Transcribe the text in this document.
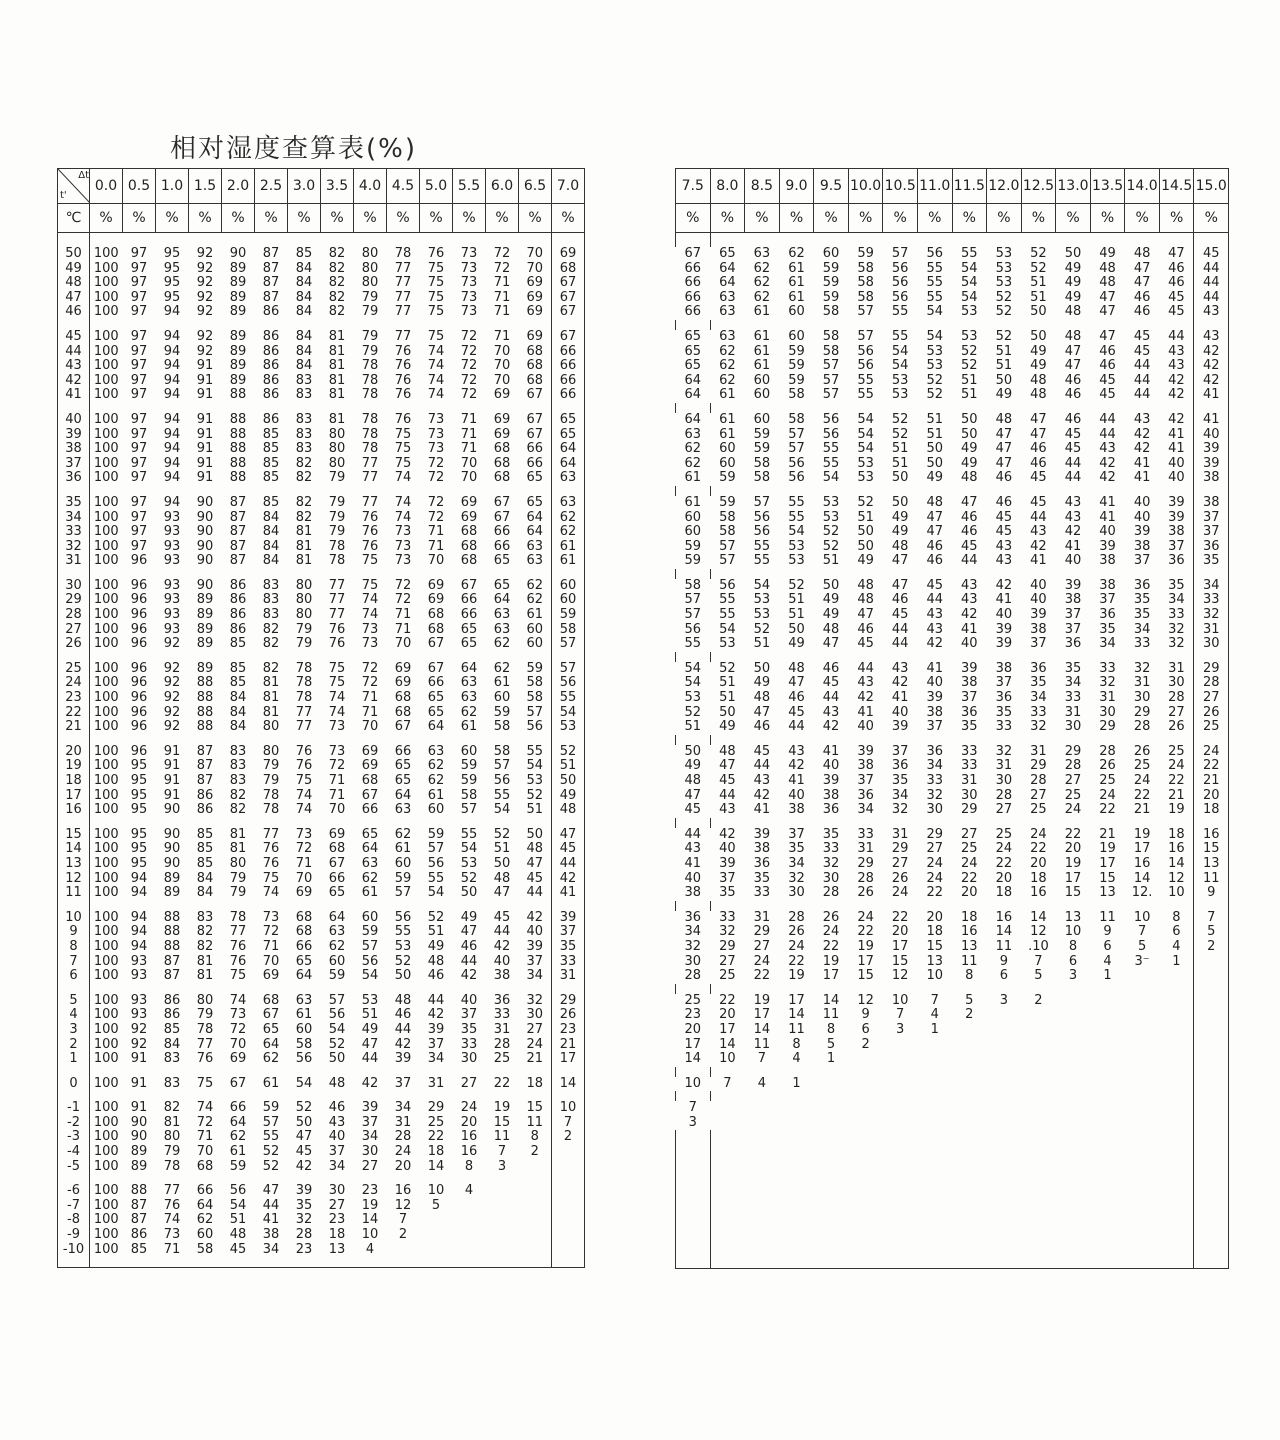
相对湿度查算表(%)
Δt
t'	0.0	0.5	1.0	1.5	2.0	2.5	3.0	3.5	4.0	4.5	5.0	5.5	6.0	6.5	7.0
℃	%	%	%	%	%	%	%	%	%	%	%	%	%	%	%

50	100	97	95	92	90	87	85	82	80	78	76	73	72	70	69
49	100	97	95	92	89	87	84	82	80	77	75	73	72	70	68
48	100	97	95	92	89	87	84	82	80	77	75	73	71	69	67
47	100	97	95	92	89	87	84	82	79	77	75	73	71	69	67
46	100	97	94	92	89	86	84	82	79	77	75	73	71	69	67

45	100	97	94	92	89	86	84	81	79	77	75	72	71	69	67
44	100	97	94	92	89	86	84	81	79	76	74	72	70	68	66
43	100	97	94	91	89	86	84	81	78	76	74	72	70	68	66
42	100	97	94	91	89	86	83	81	78	76	74	72	70	68	66
41	100	97	94	91	88	86	83	81	78	76	74	72	69	67	66

40	100	97	94	91	88	86	83	81	78	76	73	71	69	67	65
39	100	97	94	91	88	85	83	80	78	75	73	71	69	67	65
38	100	97	94	91	88	85	83	80	78	75	73	71	68	66	64
37	100	97	94	91	88	85	82	80	77	75	72	70	68	66	64
36	100	97	94	91	88	85	82	79	77	74	72	70	68	65	63

35	100	97	94	90	87	85	82	79	77	74	72	69	67	65	63
34	100	97	93	90	87	84	82	79	76	74	72	69	67	64	62
33	100	97	93	90	87	84	81	79	76	73	71	68	66	64	62
32	100	97	93	90	87	84	81	78	76	73	71	68	66	63	61
31	100	96	93	90	87	84	81	78	75	73	70	68	65	63	61

30	100	96	93	90	86	83	80	77	75	72	69	67	65	62	60
29	100	96	93	89	86	83	80	77	74	72	69	66	64	62	60
28	100	96	93	89	86	83	80	77	74	71	68	66	63	61	59
27	100	96	93	89	86	82	79	76	73	71	68	65	63	60	58
26	100	96	92	89	85	82	79	76	73	70	67	65	62	60	57

25	100	96	92	89	85	82	78	75	72	69	67	64	62	59	57
24	100	96	92	88	85	81	78	75	72	69	66	63	61	58	56
23	100	96	92	88	84	81	78	74	71	68	65	63	60	58	55
22	100	96	92	88	84	81	77	74	71	68	65	62	59	57	54
21	100	96	92	88	84	80	77	73	70	67	64	61	58	56	53

20	100	96	91	87	83	80	76	73	69	66	63	60	58	55	52
19	100	95	91	87	83	79	76	72	69	65	62	59	57	54	51
18	100	95	91	87	83	79	75	71	68	65	62	59	56	53	50
17	100	95	91	86	82	78	74	71	67	64	61	58	55	52	49
16	100	95	90	86	82	78	74	70	66	63	60	57	54	51	48

15	100	95	90	85	81	77	73	69	65	62	59	55	52	50	47
14	100	95	90	85	81	76	72	68	64	61	57	54	51	48	45
13	100	95	90	85	80	76	71	67	63	60	56	53	50	47	44
12	100	94	89	84	79	75	70	66	62	59	55	52	48	45	42
11	100	94	89	84	79	74	69	65	61	57	54	50	47	44	41

10	100	94	88	83	78	73	68	64	60	56	52	49	45	42	39
9	100	94	88	82	77	72	68	63	59	55	51	47	44	40	37
8	100	94	88	82	76	71	66	62	57	53	49	46	42	39	35
7	100	93	87	81	76	70	65	60	56	52	48	44	40	37	33
6	100	93	87	81	75	69	64	59	54	50	46	42	38	34	31

5	100	93	86	80	74	68	63	57	53	48	44	40	36	32	29
4	100	93	86	79	73	67	61	56	51	46	42	37	33	30	26
3	100	92	85	78	72	65	60	54	49	44	39	35	31	27	23
2	100	92	84	77	70	64	58	52	47	42	37	33	28	24	21
1	100	91	83	76	69	62	56	50	44	39	34	30	25	21	17

0	100	91	83	75	67	61	54	48	42	37	31	27	22	18	14

-1	100	91	82	74	66	59	52	46	39	34	29	24	19	15	10
-2	100	90	81	72	64	57	50	43	37	31	25	20	15	11	7
-3	100	90	80	71	62	55	47	40	34	28	22	16	11	8	2
-4	100	89	79	70	61	52	45	37	30	24	18	16	7	2	
-5	100	89	78	68	59	52	42	34	27	20	14	8	3		

-6	100	88	77	66	56	47	39	30	23	16	10	4			
-7	100	87	76	64	54	44	35	27	19	12	5				
-8	100	87	74	62	51	41	32	23	14	7					
-9	100	86	73	60	48	38	28	18	10	2					
-10	100	85	71	58	45	34	23	13	4						

7.5	8.0	8.5	9.0	9.5	10.0	10.5	11.0	11.5	12.0	12.5	13.0	13.5	14.0	14.5	15.0
%	%	%	%	%	%	%	%	%	%	%	%	%	%	%	%

67	65	63	62	60	59	57	56	55	53	52	50	49	48	47	45
66	64	62	61	59	58	56	55	54	53	52	49	48	47	46	44
66	64	62	61	59	58	56	55	54	53	51	49	48	47	46	44
66	63	62	61	59	58	56	55	54	52	51	49	47	46	45	44
66	63	61	60	58	57	55	54	53	52	50	48	47	46	45	43

65	63	61	60	58	57	55	54	53	52	50	48	47	45	44	43
65	62	61	59	58	56	54	53	52	51	49	47	46	45	43	42
65	62	61	59	57	56	54	53	52	51	49	47	46	44	43	42
64	62	60	59	57	55	53	52	51	50	48	46	45	44	42	42
64	61	60	58	57	55	53	52	51	49	48	46	45	44	42	41

64	61	60	58	56	54	52	51	50	48	47	46	44	43	42	41
63	61	59	57	56	54	52	51	50	47	47	45	44	42	41	40
62	60	59	57	55	54	51	50	49	47	46	45	43	42	41	39
62	60	58	56	55	53	51	50	49	47	46	44	42	41	40	39
61	59	58	56	54	53	50	49	48	46	45	44	42	41	40	38

61	59	57	55	53	52	50	48	47	46	45	43	41	40	39	38
60	58	56	55	53	51	49	47	46	45	44	43	41	40	39	37
60	58	56	54	52	50	49	47	46	45	43	42	40	39	38	37
59	57	55	53	52	50	48	46	45	43	42	41	39	38	37	36
59	57	55	53	51	49	47	46	44	43	41	40	38	37	36	35

58	56	54	52	50	48	47	45	43	42	40	39	38	36	35	34
57	55	53	51	49	48	46	44	43	41	40	38	37	35	34	33
57	55	53	51	49	47	45	43	42	40	39	37	36	35	33	32
56	54	52	50	48	46	44	43	41	39	38	37	35	34	32	31
55	53	51	49	47	45	44	42	40	39	37	36	34	33	32	30

54	52	50	48	46	44	43	41	39	38	36	35	33	32	31	29
54	51	49	47	45	43	42	40	38	37	35	34	32	31	30	28
53	51	48	46	44	42	41	39	37	36	34	33	31	30	28	27
52	50	47	45	43	41	40	38	36	35	33	31	30	29	27	26
51	49	46	44	42	40	39	37	35	33	32	30	29	28	26	25

50	48	45	43	41	39	37	36	33	32	31	29	28	26	25	24
49	47	44	42	40	38	36	34	33	31	29	28	26	25	24	22
48	45	43	41	39	37	35	33	31	30	28	27	25	24	22	21
47	44	42	40	38	36	34	32	30	28	27	25	24	22	21	20
45	43	41	38	36	34	32	30	29	27	25	24	22	21	19	18

44	42	39	37	35	33	31	29	27	25	24	22	21	19	18	16
43	40	38	35	33	31	29	27	25	24	22	20	19	17	16	15
41	39	36	34	32	29	27	24	24	22	20	19	17	16	14	13
40	37	35	32	30	28	26	24	22	20	18	17	15	14	12	11
38	35	33	30	28	26	24	22	20	18	16	15	13	12.	10	9

36	33	31	28	26	24	22	20	18	16	14	13	11	10	8	7
34	32	29	26	24	22	20	18	16	14	12	10	9	7	6	5
32	29	27	24	22	19	17	15	13	11	.10	8	6	5	4	2
30	27	24	22	19	17	15	13	11	9	7	6	4	3⁻	1	
28	25	22	19	17	15	12	10	8	6	5	3	1			

25	22	19	17	14	12	10	7	5	3	2					
23	20	17	14	11	9	7	4	2							
20	17	14	11	8	6	3	1								
17	14	11	8	5	2										
14	10	7	4	1											

10	7	4	1												

7															
3															
